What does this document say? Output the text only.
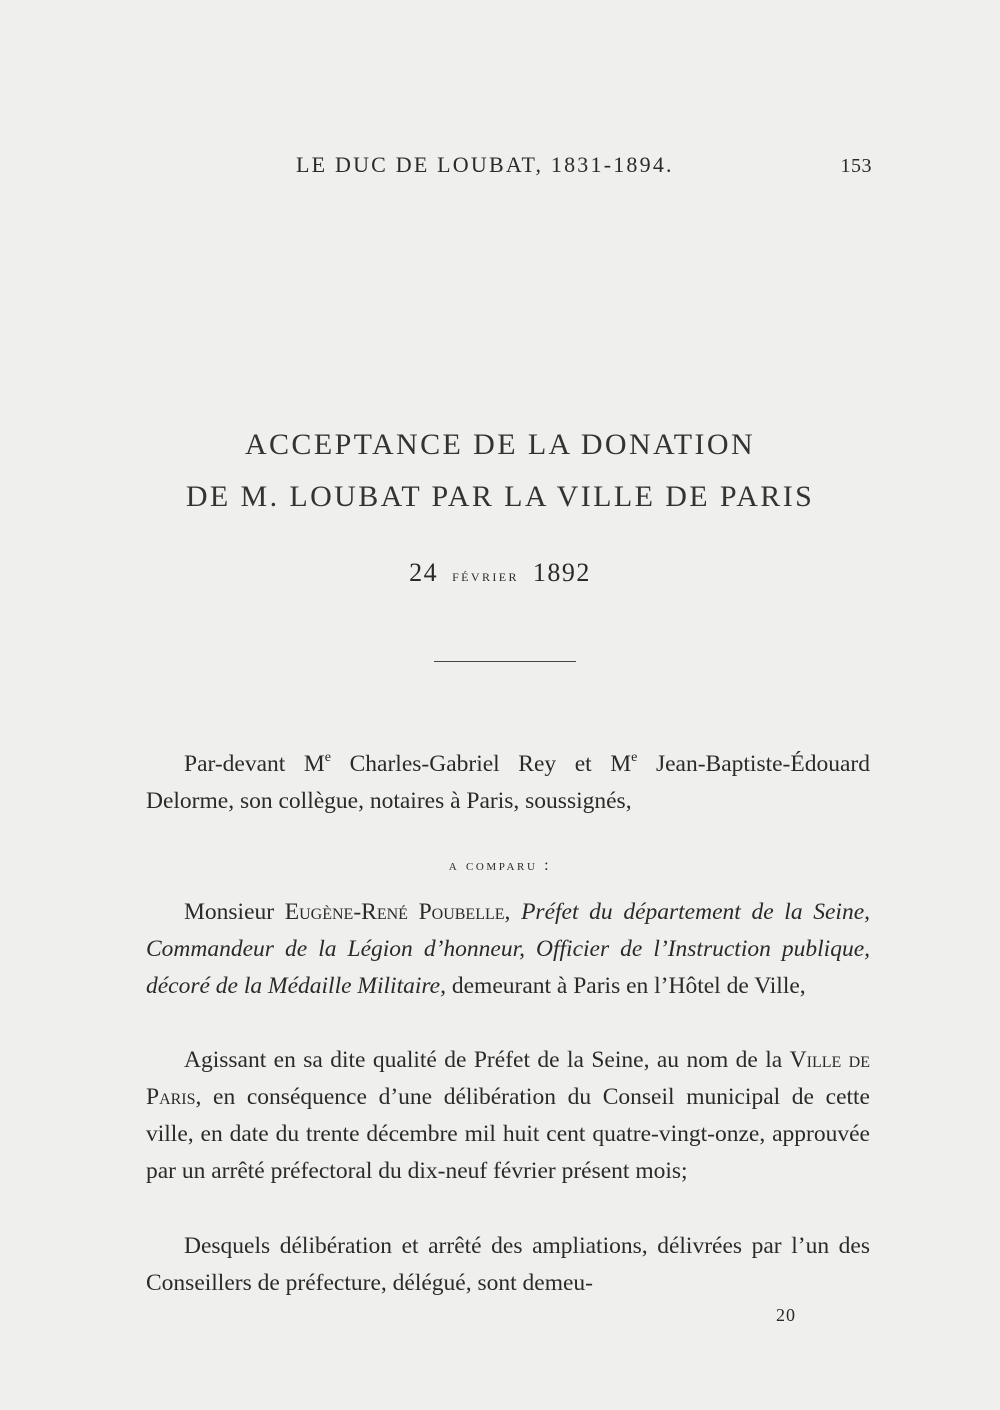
LE DUC DE LOUBAT, 1831-1894.	153
ACCEPTANCE DE LA DONATION
DE M. LOUBAT PAR LA VILLE DE PARIS
24 février 1892

Par-devant Me Charles-Gabriel Rey et Me Jean-Baptiste-Édouard Delorme, son collègue, notaires à Paris, soussignés,

a comparu :

Monsieur Eugène-René Poubelle, Préfet du département de la Seine, Commandeur de la Légion d’honneur, Officier de l’Instruction publique, décoré de la Médaille Militaire, demeurant à Paris en l’Hôtel de Ville,

Agissant en sa dite qualité de Préfet de la Seine, au nom de la Ville de Paris, en conséquence d’une délibération du Conseil municipal de cette ville, en date du trente décembre mil huit cent quatre-vingt-onze, approuvée par un arrêté préfectoral du dix-neuf février présent mois;

Desquels délibération et arrêté des ampliations, délivrées par l’un des Conseillers de préfecture, délégué, sont demeu-

20
